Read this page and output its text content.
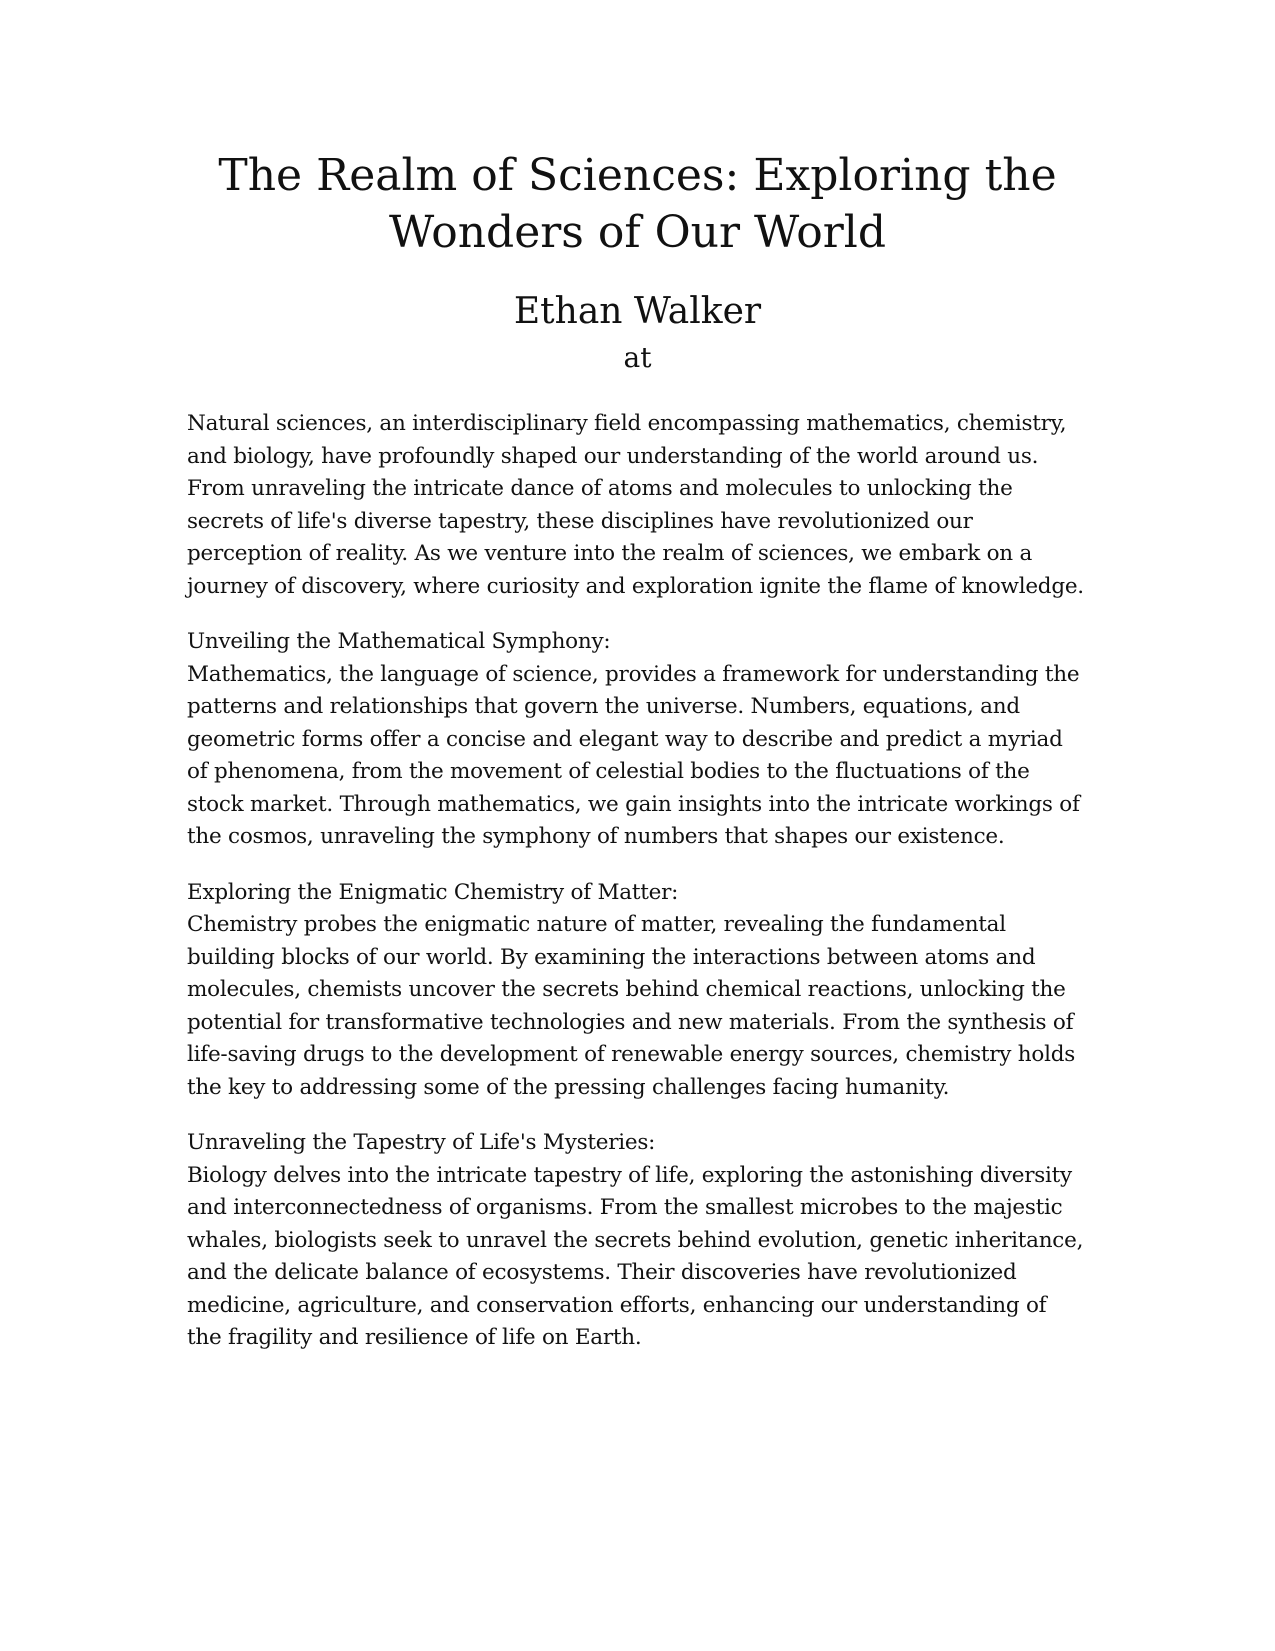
The Realm of Sciences: Exploring the
Wonders of Our World
Ethan Walker
at

Natural sciences, an interdisciplinary field encompassing mathematics, chemistry, and biology, have profoundly shaped our understanding of the world around us. From unraveling the intricate dance of atoms and molecules to unlocking the secrets of life's diverse tapestry, these disciplines have revolutionized our perception of reality. As we venture into the realm of sciences, we embark on a journey of discovery, where curiosity and exploration ignite the flame of knowledge.

Unveiling the Mathematical Symphony:

Mathematics, the language of science, provides a framework for understanding the patterns and relationships that govern the universe. Numbers, equations, and geometric forms offer a concise and elegant way to describe and predict a myriad of phenomena, from the movement of celestial bodies to the fluctuations of the stock market. Through mathematics, we gain insights into the intricate workings of the cosmos, unraveling the symphony of numbers that shapes our existence.

Exploring the Enigmatic Chemistry of Matter:

Chemistry probes the enigmatic nature of matter, revealing the fundamental building blocks of our world. By examining the interactions between atoms and molecules, chemists uncover the secrets behind chemical reactions, unlocking the potential for transformative technologies and new materials. From the synthesis of life-saving drugs to the development of renewable energy sources, chemistry holds the key to addressing some of the pressing challenges facing humanity.

Unraveling the Tapestry of Life's Mysteries:

Biology delves into the intricate tapestry of life, exploring the astonishing diversity and interconnectedness of organisms. From the smallest microbes to the majestic whales, biologists seek to unravel the secrets behind evolution, genetic inheritance, and the delicate balance of ecosystems. Their discoveries have revolutionized medicine, agriculture, and conservation efforts, enhancing our understanding of the fragility and resilience of life on Earth.
